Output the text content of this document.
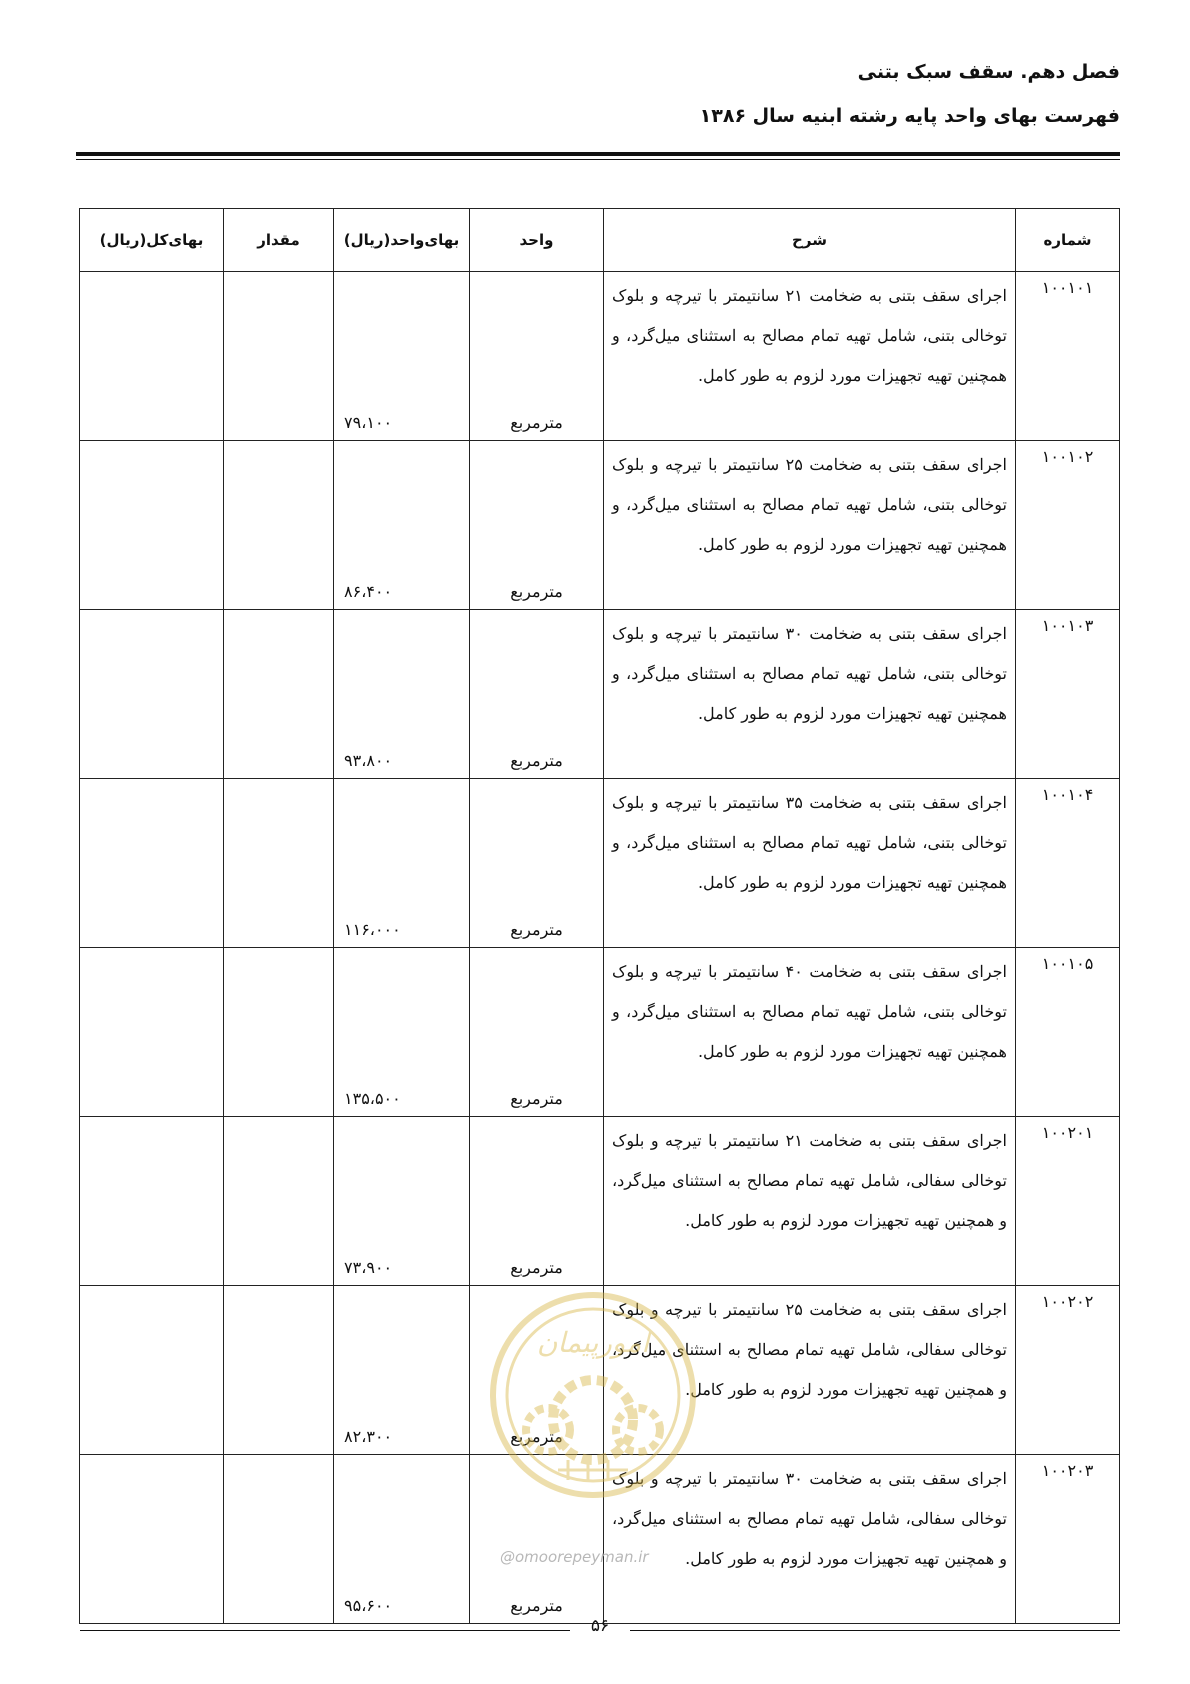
فصل دهم. سقف سبک بتنی
فهرست بهای واحد پایه رشته ابنیه سال ۱۳۸۶
شماره	شرح	واحد	بهای‌واحد(ریال)	مقدار	بهای‌کل(ریال)
۱۰۰۱۰۱	اجرای سقف بتنی به ضخامت ۲۱ سانتیمتر با تیرچه و بلوک توخالی بتنی، شامل تهیه تمام مصالح به استثنای میل‌گرد، و همچنین تهیه تجهیزات مورد لزوم به طور کامل.	مترمربع	۷۹،۱۰۰		
۱۰۰۱۰۲	اجرای سقف بتنی به ضخامت ۲۵ سانتیمتر با تیرچه و بلوک توخالی بتنی، شامل تهیه تمام مصالح به استثنای میل‌گرد، و همچنین تهیه تجهیزات مورد لزوم به طور کامل.	مترمربع	۸۶،۴۰۰		
۱۰۰۱۰۳	اجرای سقف بتنی به ضخامت ۳۰ سانتیمتر با تیرچه و بلوک توخالی بتنی، شامل تهیه تمام مصالح به استثنای میل‌گرد، و همچنین تهیه تجهیزات مورد لزوم به طور کامل.	مترمربع	۹۳،۸۰۰		
۱۰۰۱۰۴	اجرای سقف بتنی به ضخامت ۳۵ سانتیمتر با تیرچه و بلوک توخالی بتنی، شامل تهیه تمام مصالح به استثنای میل‌گرد، و همچنین تهیه تجهیزات مورد لزوم به طور کامل.	مترمربع	۱۱۶،۰۰۰		
۱۰۰۱۰۵	اجرای سقف بتنی به ضخامت ۴۰ سانتیمتر با تیرچه و بلوک توخالی بتنی، شامل تهیه تمام مصالح به استثنای میل‌گرد، و همچنین تهیه تجهیزات مورد لزوم به طور کامل.	مترمربع	۱۳۵،۵۰۰		
۱۰۰۲۰۱	اجرای سقف بتنی به ضخامت ۲۱ سانتیمتر با تیرچه و بلوک توخالی سفالی، شامل تهیه تمام مصالح به استثنای میل‌گرد، و همچنین تهیه تجهیزات مورد لزوم به طور کامل.	مترمربع	۷۳،۹۰۰		
۱۰۰۲۰۲	اجرای سقف بتنی به ضخامت ۲۵ سانتیمتر با تیرچه و بلوک توخالی سفالی، شامل تهیه تمام مصالح به استثنای میل‌گرد، و همچنین تهیه تجهیزات مورد لزوم به طور کامل.	مترمربع	۸۲،۳۰۰		
۱۰۰۲۰۳	اجرای سقف بتنی به ضخامت ۳۰ سانتیمتر با تیرچه و بلوک توخالی سفالی، شامل تهیه تمام مصالح به استثنای میل‌گرد، و همچنین تهیه تجهیزات مورد لزوم به طور کامل.	مترمربع	۹۵،۶۰۰		
امورپیمان
@omoorepeyman.ir
۵۶
